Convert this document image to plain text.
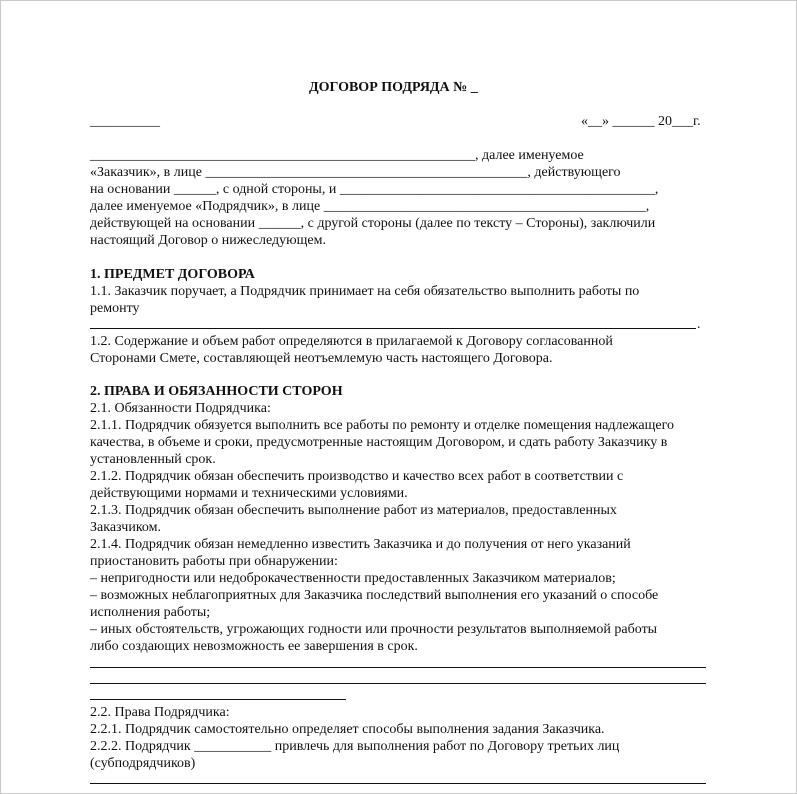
ДОГОВОР ПОДРЯДА № _
__________	«__» ______ 20___г.
_______________________________________________________, далее именуемое
«Заказчик», в лице ______________________________________________, действующего
на основании ______, с одной стороны, и _____________________________________________,
далее именуемое «Подрядчик», в лице ______________________________________________,
действующей на основании ______, с другой стороны (далее по тексту – Стороны), заключили
настоящий Договор о нижеследующем.
1. ПРЕДМЕТ ДОГОВОРА
1.1. Заказчик поручает, а Подрядчик принимает на себя обязательство выполнить работы по
ремонту
.
1.2. Содержание и объем работ определяются в прилагаемой к Договору согласованной
Сторонами Смете, составляющей неотъемлемую часть настоящего Договора.
2. ПРАВА И ОБЯЗАННОСТИ СТОРОН
2.1. Обязанности Подрядчика:
2.1.1. Подрядчик обязуется выполнить все работы по ремонту и отделке помещения надлежащего
качества, в объеме и сроки, предусмотренные настоящим Договором, и сдать работу Заказчику в
установленный срок.
2.1.2. Подрядчик обязан обеспечить производство и качество всех работ в соответствии с
действующими нормами и техническими условиями.
2.1.3. Подрядчик обязан обеспечить выполнение работ из материалов, предоставленных
Заказчиком.
2.1.4. Подрядчик обязан немедленно известить Заказчика и до получения от него указаний
приостановить работы при обнаружении:
– непригодности или недоброкачественности предоставленных Заказчиком материалов;
– возможных неблагоприятных для Заказчика последствий выполнения его указаний о способе
исполнения работы;
– иных обстоятельств, угрожающих годности или прочности результатов выполняемой работы
либо создающих невозможность ее завершения в срок.
2.2. Права Подрядчика:
2.2.1. Подрядчик самостоятельно определяет способы выполнения задания Заказчика.
2.2.2. Подрядчик ___________ привлечь для выполнения работ по Договору третьих лиц
(субподрядчиков)
